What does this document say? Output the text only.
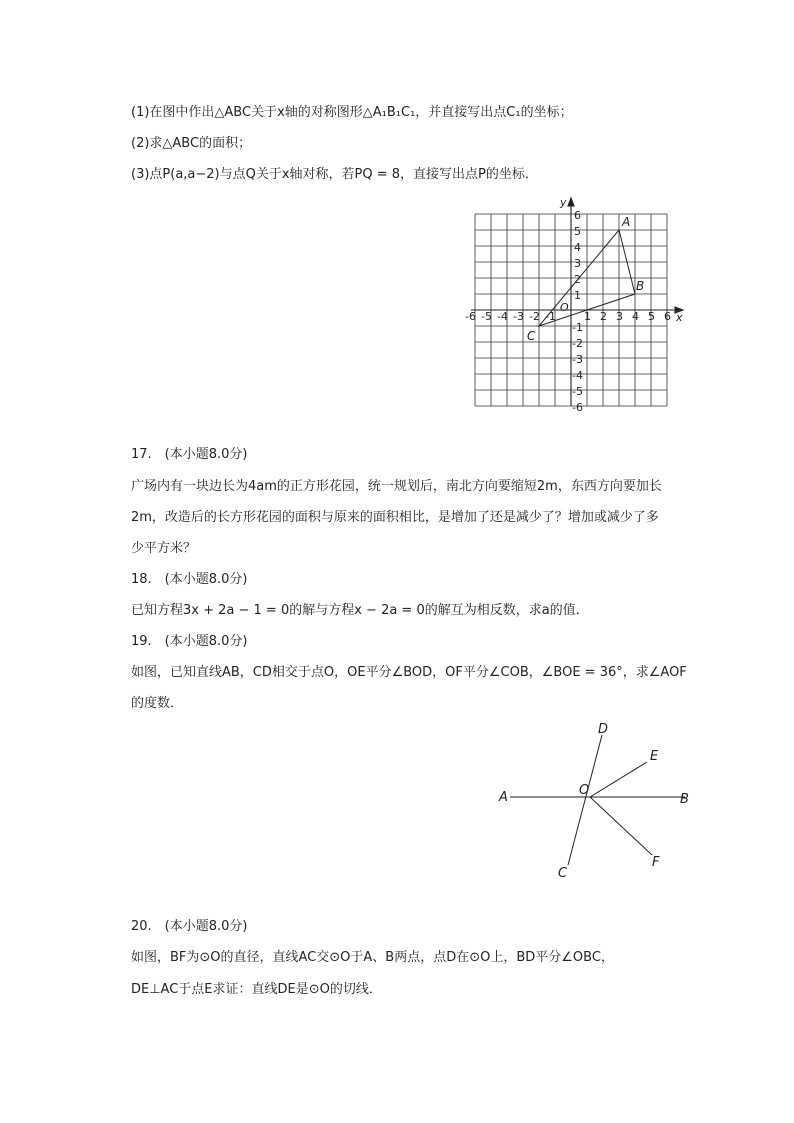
(1)在图中作出△ABC关于x轴的对称图形△A₁B₁C₁，并直接写出点C₁的坐标；
(2)求△ABC的面积；
(3)点P(a,a−2)与点Q关于x轴对称，若PQ = 8，直接写出点P的坐标．
-6 -5 -4 -3 -2 -1	1 2 3 4 5 6
6
5
4
3
2
1
-1
-2
-3
-4
-5
-6
x
y
O
A
B
C
17.　(本小题8.0分)
广场内有一块边长为4am的正方形花园，统一规划后，南北方向要缩短2m，东西方向要加长
2m，改造后的长方形花园的面积与原来的面积相比，是增加了还是减少了？增加或减少了多
少平方米？
18.　(本小题8.0分)
已知方程3x + 2a − 1 = 0的解与方程x − 2a = 0的解互为相反数，求a的值．
19.　(本小题8.0分)
如图，已知直线AB，CD相交于点O，OE平分∠BOD，OF平分∠COB，∠BOE = 36°，求∠AOF
的度数．
A	B
C
D
E
F
O
20.　(本小题8.0分)
如图，BF为⊙O的直径，直线AC交⊙O于A、B两点，点D在⊙O上，BD平分∠OBC，
DE⊥AC于点E求证：直线DE是⊙O的切线．
